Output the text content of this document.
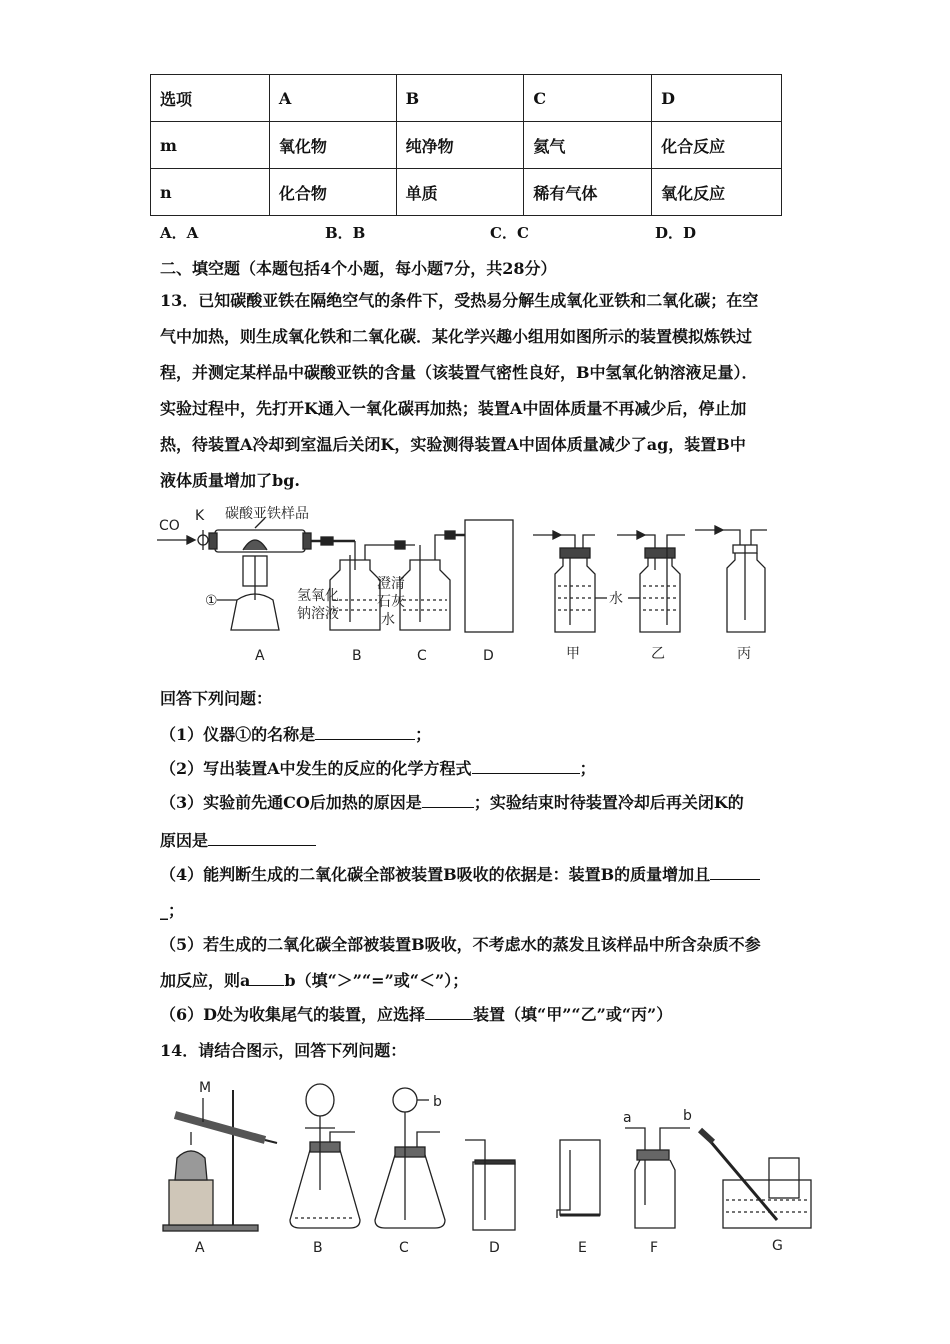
选项	A	B	C	D
m	氧化物	纯净物	氦气	化合反应
n	化合物	单质	稀有气体	氧化反应
A．A	B．B	C．C	D．D
二、填空题（本题包括4个小题，每小题7分，共28分）
13．已知碳酸亚铁在隔绝空气的条件下，受热易分解生成氧化亚铁和二氧化碳；在空
气中加热，则生成氧化铁和二氧化碳．某化学兴趣小组用如图所示的装置模拟炼铁过
程，并测定某样品中碳酸亚铁的含量（该装置气密性良好，B中氢氧化钠溶液足量）．
实验过程中，先打开K通入一氧化碳再加热；装置A中固体质量不再减少后，停止加
热，待装置A冷却到室温后关闭K，实验测得装置A中固体质量减少了ag，装置B中
液体质量增加了bg.
CO
K 碳酸亚铁样品
①	氢氧化
钠溶液
澄清
石灰
水
水
A	B	C	D	甲	乙	丙
回答下列问题：
（1）仪器①的名称是	；
（2）写出装置A中发生的反应的化学方程式	；
（3）实验前先通CO后加热的原因是	；实验结束时待装置冷却后再关闭K的
原因是
（4）能判断生成的二氧化碳全部被装置B吸收的依据是：装置B的质量增加且
_；
（5）若生成的二氧化碳全部被装置B吸收，不考虑水的蒸发且该样品中所含杂质不参
加反应，则a b（填“＞”“=”或“＜”）；
（6）D处为收集尾气的装置，应选择	装置（填“甲”“乙”或“丙”）
14．请结合图示，回答下列问题：
M
b
a	b
A	B	C	D	E	F	G
